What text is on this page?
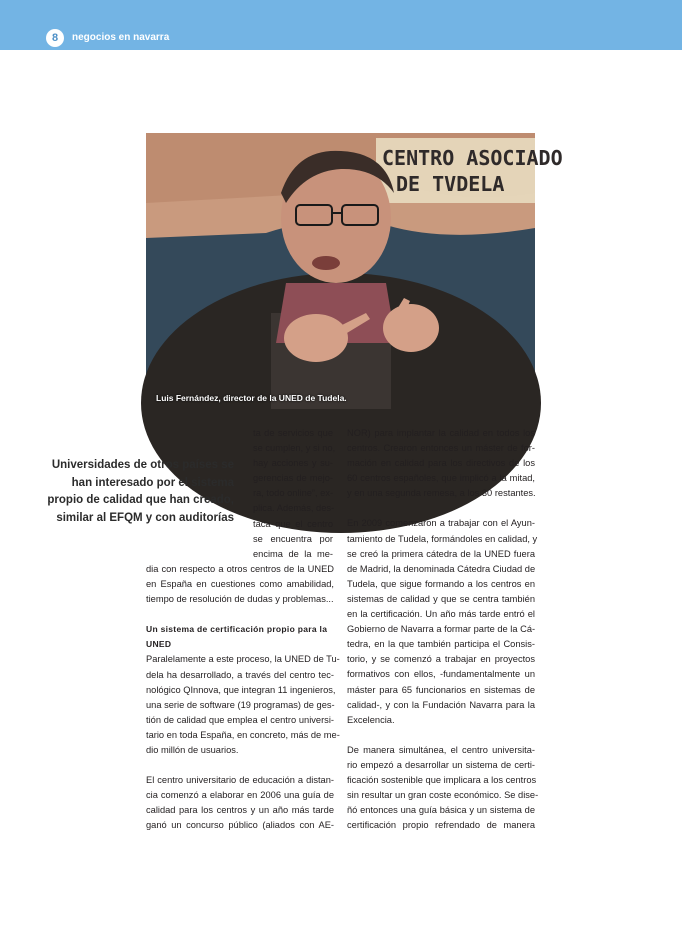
8	negocios en navarra
CENTRO ASOCIADO
DE TVDELA
Luis Fernández, director de la UNED de Tudela.
Universidades de otros países se
han interesado por el sistema
propio de calidad que han creado,
similar al EFQM y con auditorías
ta de servicios que
se cumplen, y si no,
hay acciones y su-
gerencias de mejo-
ra, todo online”, ex-
plica. Además, des-
taca que el centro
se encuentra por
encima de la me-
dia con respecto a otros centros de la UNED
en España en cuestiones como amabilidad,
tiempo de resolución de dudas y problemas...
Un sistema de certificación propio para la
UNED
Paralelamente a este proceso, la UNED de Tu-
dela ha desarrollado, a través del centro tec-
nológico QInnova, que integran 11 ingenieros,
una serie de software (19 programas) de ges-
tión de calidad que emplea el centro universi-
tario en toda España, en concreto, más de me-
dio millón de usuarios.
El centro universitario de educación a distan-
cia comenzó a elaborar en 2006 una guía de
calidad para los centros y un año más tarde
ganó un concurso público (aliados con AE-
NOR) para implantar la calidad en todos los
centros. Crearon entonces un máster de for-
mación en calidad para los directivos de los
60 centros españoles, que implicó a la mitad,
y en una segunda remesa, a los 30 restantes.
En 2009 comenzaron a trabajar con el Ayun-
tamiento de Tudela, formándoles en calidad, y
se creó la primera cátedra de la UNED fuera
de Madrid, la denominada Cátedra Ciudad de
Tudela, que sigue formando a los centros en
sistemas de calidad y que se centra también
en la certificación. Un año más tarde entró el
Gobierno de Navarra a formar parte de la Cá-
tedra, en la que también participa el Consis-
torio, y se comenzó a trabajar en proyectos
formativos con ellos, -fundamentalmente un
máster para 65 funcionarios en sistemas de
calidad-, y con la Fundación Navarra para la
Excelencia.
De manera simultánea, el centro universita-
rio empezó a desarrollar un sistema de certi-
ficación sostenible que implicara a los centros
sin resultar un gran coste económico. Se dise-
ñó entonces una guía básica y un sistema de
certificación propio refrendado de manera
